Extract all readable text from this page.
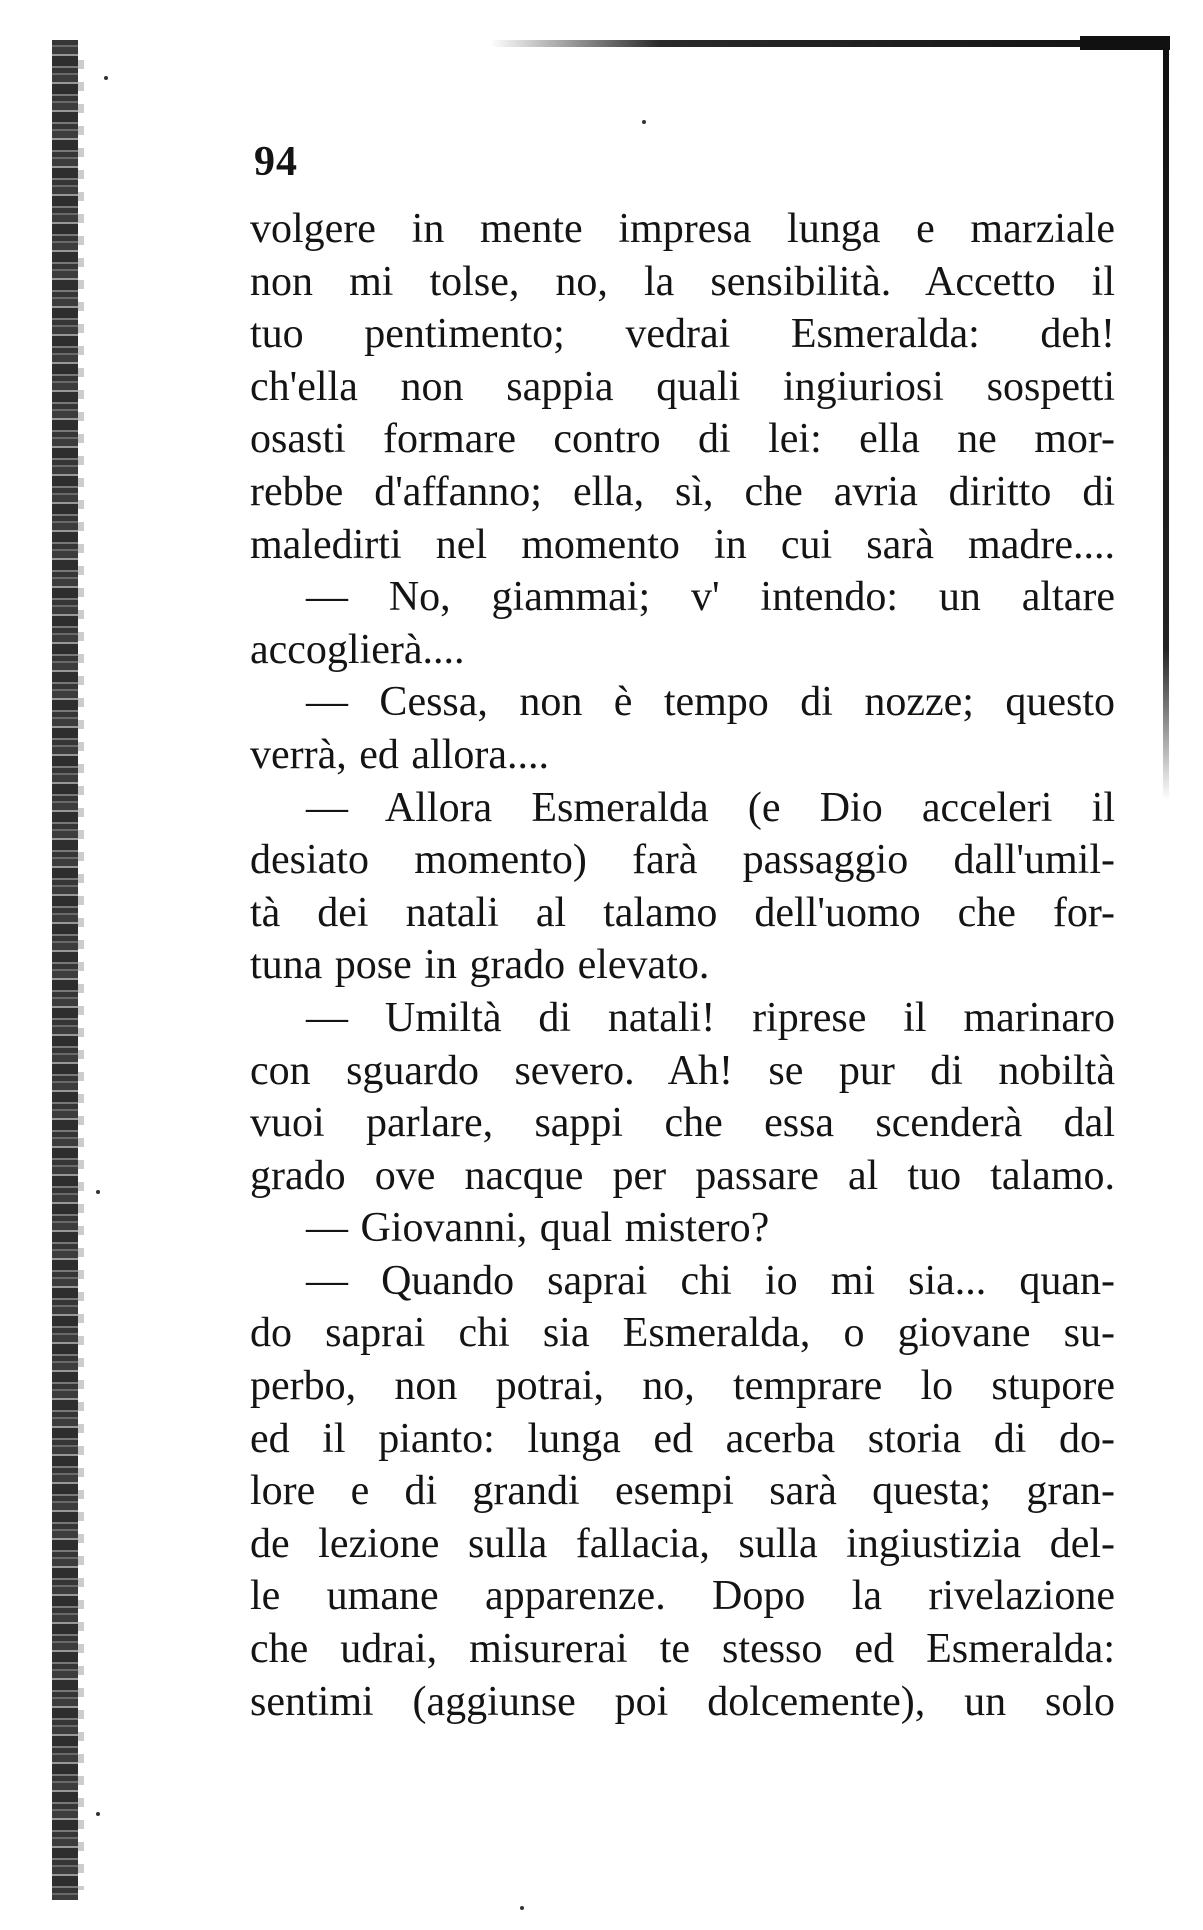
94
volgere in mente impresa lunga e marziale
non mi tolse, no, la sensibilità. Accetto il
tuo pentimento; vedrai Esmeralda: deh!
ch'ella non sappia quali ingiuriosi sospetti
osasti formare contro di lei: ella ne mor-
rebbe d'affanno; ella, sì, che avria diritto di
maledirti nel momento in cui sarà madre....
— No, giammai; v' intendo: un altare
accoglierà....
— Cessa, non è tempo di nozze; questo
verrà, ed allora....
— Allora Esmeralda (e Dio acceleri il
desiato momento) farà passaggio dall'umil-
tà dei natali al talamo dell'uomo che for-
tuna pose in grado elevato.
— Umiltà di natali! riprese il marinaro
con sguardo severo. Ah! se pur di nobiltà
vuoi parlare, sappi che essa scenderà dal
grado ove nacque per passare al tuo talamo.
— Giovanni, qual mistero?
— Quando saprai chi io mi sia... quan-
do saprai chi sia Esmeralda, o giovane su-
perbo, non potrai, no, temprare lo stupore
ed il pianto: lunga ed acerba storia di do-
lore e di grandi esempi sarà questa; gran-
de lezione sulla fallacia, sulla ingiustizia del-
le umane apparenze. Dopo la rivelazione
che udrai, misurerai te stesso ed Esmeralda:
sentimi (aggiunse poi dolcemente), un solo
